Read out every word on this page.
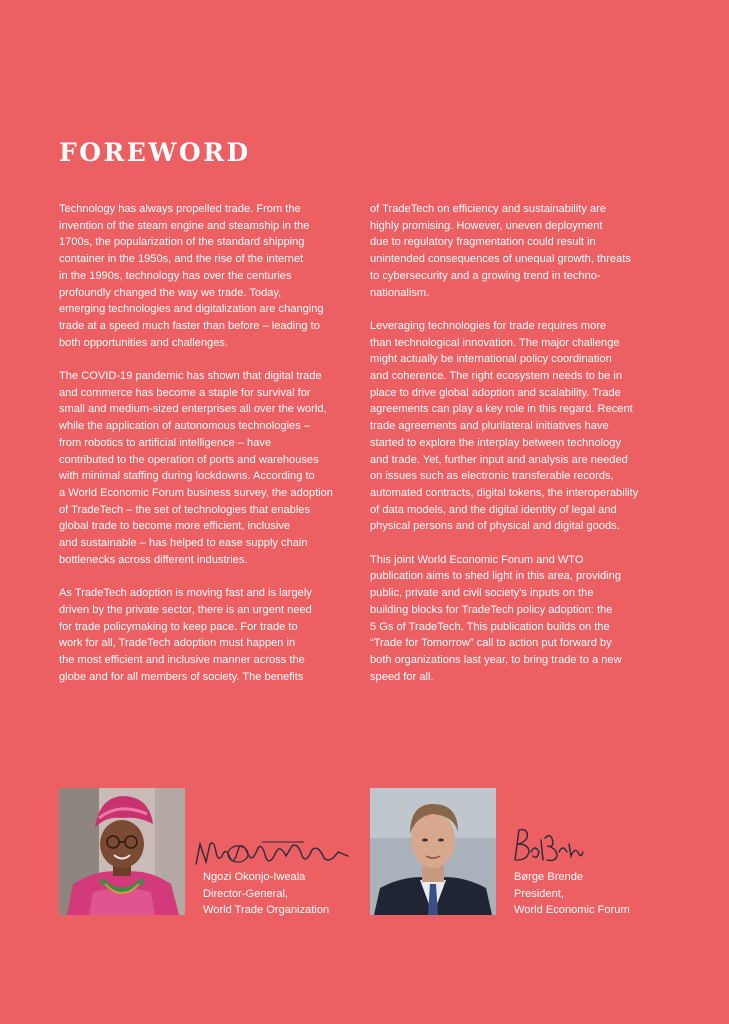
FOREWORD

Technology has always propelled trade. From the
invention of the steam engine and steamship in the
1700s, the popularization of the standard shipping
container in the 1950s, and the rise of the internet
in the 1990s, technology has over the centuries
profoundly changed the way we trade. Today,
emerging technologies and digitalization are changing
trade at a speed much faster than before – leading to
both opportunities and challenges.

The COVID-19 pandemic has shown that digital trade
and commerce has become a staple for survival for
small and medium-sized enterprises all over the world,
while the application of autonomous technologies –
from robotics to artificial intelligence – have
contributed to the operation of ports and warehouses
with minimal staffing during lockdowns. According to
a World Economic Forum business survey, the adoption
of TradeTech – the set of technologies that enables
global trade to become more efficient, inclusive
and sustainable – has helped to ease supply chain
bottlenecks across different industries.

As TradeTech adoption is moving fast and is largely
driven by the private sector, there is an urgent need
for trade policymaking to keep pace. For trade to
work for all, TradeTech adoption must happen in
the most efficient and inclusive manner across the
globe and for all members of society. The benefits

of TradeTech on efficiency and sustainability are
highly promising. However, uneven deployment
due to regulatory fragmentation could result in
unintended consequences of unequal growth, threats
to cybersecurity and a growing trend in techno-
nationalism.

Leveraging technologies for trade requires more
than technological innovation. The major challenge
might actually be international policy coordination
and coherence. The right ecosystem needs to be in
place to drive global adoption and scalability. Trade
agreements can play a key role in this regard. Recent
trade agreements and plurilateral initiatives have
started to explore the interplay between technology
and trade. Yet, further input and analysis are needed
on issues such as electronic transferable records,
automated contracts, digital tokens, the interoperability
of data models, and the digital identity of legal and
physical persons and of physical and digital goods.

This joint World Economic Forum and WTO
publication aims to shed light in this area, providing
public, private and civil society's inputs on the
building blocks for TradeTech policy adoption: the
5 Gs of TradeTech. This publication builds on the
“Trade for Tomorrow” call to action put forward by
both organizations last year, to bring trade to a new
speed for all.

Ngozi Okonjo-Iweala
Director-General,
World Trade Organization
Børge Brende
President,
World Economic Forum
